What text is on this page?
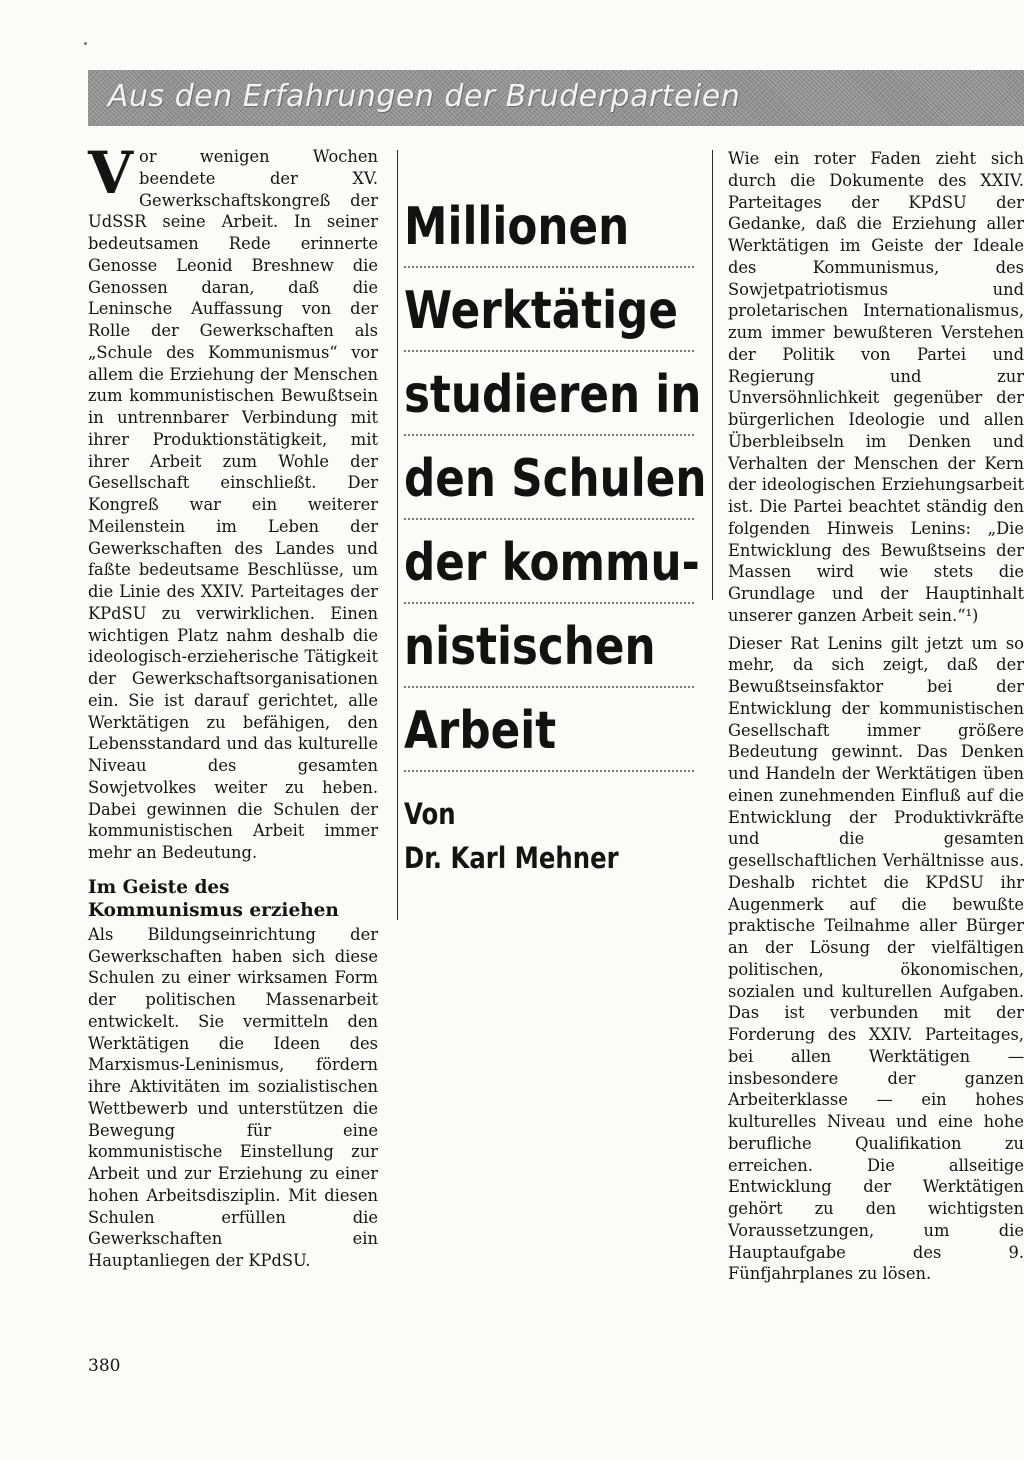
Aus den Erfahrungen der Bruderparteien

Vor wenigen Wochen beendete der XV. Gewerkschaftskongreß der UdSSR seine Arbeit. In seiner bedeutsamen Rede erinnerte Genosse Leonid Breshnew die Genossen daran, daß die Leninsche Auffassung von der Rolle der Gewerkschaften als „Schule des Kommunismus“ vor allem die Erziehung der Menschen zum kommunistischen Bewußtsein in untrennbarer Verbindung mit ihrer Produktionstätigkeit, mit ihrer Arbeit zum Wohle der Gesellschaft einschließt. Der Kongreß war ein weiterer Meilenstein im Leben der Gewerkschaften des Landes und faßte bedeutsame Beschlüsse, um die Linie des XXIV. Parteitages der KPdSU zu verwirklichen. Einen wichtigen Platz nahm deshalb die ideologisch-erzieherische Tätigkeit der Gewerkschaftsorganisationen ein. Sie ist darauf gerichtet, alle Werktätigen zu befähigen, den Lebensstandard und das kulturelle Niveau des gesamten Sowjetvolkes weiter zu heben. Dabei gewinnen die Schulen der kommunistischen Arbeit immer mehr an Bedeutung.

Im Geiste des Kommunismus erziehen

Als Bildungseinrichtung der Gewerkschaften haben sich diese Schulen zu einer wirksamen Form der politischen Massenarbeit entwickelt. Sie vermitteln den Werktätigen die Ideen des Marxismus-Leninismus, fördern ihre Aktivitäten im sozialistischen Wettbewerb und unterstützen die Bewegung für eine kommunistische Einstellung zur Arbeit und zur Erziehung zu einer hohen Arbeitsdisziplin. Mit diesen Schulen erfüllen die Gewerkschaften ein Hauptanliegen der KPdSU.

Millionen
Werktätige
studieren in
den Schulen
der kommu-
nistischen
Arbeit
Von
Dr. Karl Mehner

Wie ein roter Faden zieht sich durch die Dokumente des XXIV. Parteitages der KPdSU der Gedanke, daß die Erziehung aller Werktätigen im Geiste der Ideale des Kommunismus, des Sowjetpatriotismus und proletarischen Internationalismus, zum immer bewußteren Verstehen der Politik von Partei und Regierung und zur Unversöhnlichkeit gegenüber der bürgerlichen Ideologie und allen Überbleibseln im Denken und Verhalten der Menschen der Kern der ideologischen Erziehungsarbeit ist. Die Partei beachtet ständig den folgenden Hinweis Lenins: „Die Entwicklung des Bewußtseins der Massen wird wie stets die Grundlage und der Hauptinhalt unserer ganzen Arbeit sein.“¹)

Dieser Rat Lenins gilt jetzt um so mehr, da sich zeigt, daß der Bewußtseinsfaktor bei der Entwicklung der kommunistischen Gesellschaft immer größere Bedeutung gewinnt. Das Denken und Handeln der Werktätigen üben einen zunehmenden Einfluß auf die Entwicklung der Produktivkräfte und die gesamten gesellschaftlichen Verhältnisse aus. Deshalb richtet die KPdSU ihr Augenmerk auf die bewußte praktische Teilnahme aller Bürger an der Lösung der vielfältigen politischen, ökonomischen, sozialen und kulturellen Aufgaben. Das ist verbunden mit der Forderung des XXIV. Parteitages, bei allen Werktätigen — insbesondere der ganzen Arbeiterklasse — ein hohes kulturelles Niveau und eine hohe berufliche Qualifikation zu erreichen. Die allseitige Entwicklung der Werktätigen gehört zu den wichtigsten Voraussetzungen, um die Hauptaufgabe des 9. Fünfjahrplanes zu lösen.

380
